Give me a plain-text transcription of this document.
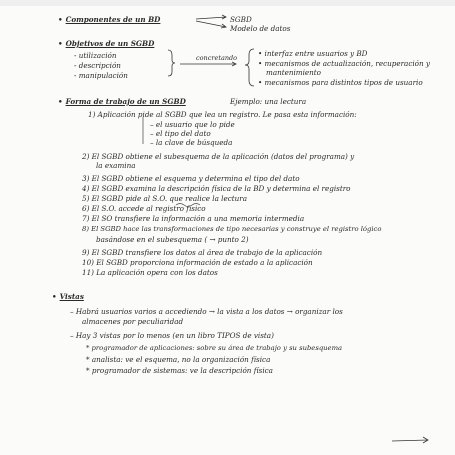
• Componentes de un BD	SGBD
Modelo de datos
• Objetivos de un SGBD
- utilización
- descripción
- manipulación
concretando	• interfaz entre usuarios y BD
• mecanismos de actualización, recuperación y
mantenimiento
• mecanismos para distintos tipos de usuario
• Forma de trabajo de un SGBD	Ejemplo: una lectura
1) Aplicación pide al SGBD que lea un registro. Le pasa esta información:
– el usuario que lo pide
– el tipo del dato
– la clave de búsqueda
2) El SGBD obtiene el subesquema de la aplicación (datos del programa) y
la examina
3) El SGBD obtiene el esquema y determina el tipo del dato
4) El SGBD examina la descripción física de la BD y determina el registro
5) El SGBD pide al S.O. que realice la lectura
6) El S.O. accede al registro físico
7) El SO transfiere la información a una memoria intermedia
8) El SGBD hace las transformaciones de tipo necesarias y construye el registro lógico
basándose en el subesquema ( → punto 2)
9) El SGBD transfiere los datos al área de trabajo de la aplicación
10) El SGBD proporciona información de estado a la aplicación
11) La aplicación opera con los datos
• Vistas
– Habrá usuarios varios a accediendo → la vista a los datos → organizar los
almacenes por peculiaridad
– Hay 3 vistas por lo menos (en un libro TIPOS de vista)
* programador de aplicaciones: sobre su área de trabajo y su subesquema
* analista: ve el esquema, no la organización física
* programador de sistemas: ve la descripción física
